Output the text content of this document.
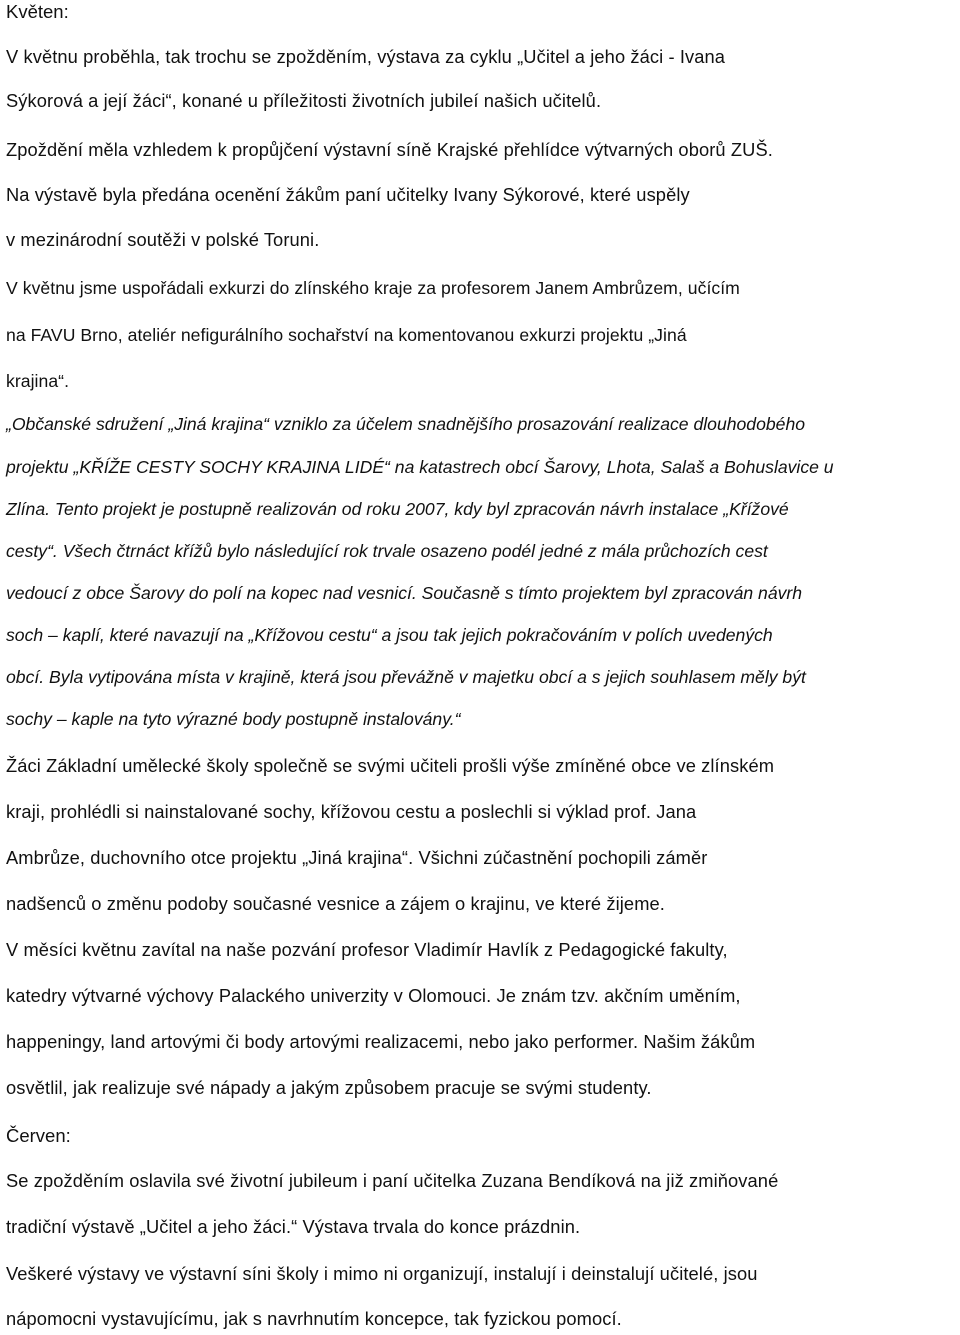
Květen:

V květnu proběhla, tak trochu se zpožděním, výstava za cyklu „Učitel a jeho žáci - Ivana

Sýkorová a její žáci“, konané u příležitosti životních jubileí našich učitelů.

Zpoždění měla vzhledem k propůjčení výstavní síně Krajské přehlídce výtvarných oborů ZUŠ.

Na výstavě byla předána ocenění žákům paní učitelky Ivany Sýkorové, které uspěly

v mezinárodní soutěži v polské Toruni.

V květnu jsme uspořádali exkurzi do zlínského kraje za profesorem Janem Ambrůzem, učícím

na FAVU Brno, ateliér nefigurálního sochařství na komentovanou exkurzi projektu „Jiná

krajina“.

„Občanské sdružení „Jiná krajina“ vzniklo za účelem snadnějšího prosazování realizace dlouhodobého

projektu „KŘÍŽE CESTY SOCHY KRAJINA LIDÉ“ na katastrech obcí Šarovy, Lhota, Salaš a Bohuslavice u

Zlína. Tento projekt je postupně realizován od roku 2007, kdy byl zpracován návrh instalace „Křížové

cesty“. Všech čtrnáct křížů bylo následující rok trvale osazeno podél jedné z mála průchozích cest

vedoucí z obce Šarovy do polí na kopec nad vesnicí. Současně s tímto projektem byl zpracován návrh

soch – kaplí, které navazují na „Křížovou cestu“ a jsou tak jejich pokračováním v polích uvedených

obcí. Byla vytipována místa v krajině, která jsou převážně v majetku obcí a s jejich souhlasem měly být

sochy – kaple na tyto výrazné body postupně instalovány.“

Žáci Základní umělecké školy společně se svými učiteli prošli výše zmíněné obce ve zlínském

kraji, prohlédli si nainstalované sochy, křížovou cestu a poslechli si výklad prof. Jana

Ambrůze, duchovního otce projektu „Jiná krajina“. Všichni zúčastnění pochopili záměr

nadšenců o změnu podoby současné vesnice a zájem o krajinu, ve které žijeme.

V měsíci květnu zavítal na naše pozvání profesor Vladimír Havlík z Pedagogické fakulty,

katedry výtvarné výchovy Palackého univerzity v Olomouci. Je znám tzv. akčním uměním,

happeningy, land artovými či body artovými realizacemi, nebo jako performer. Našim žákům

osvětlil, jak realizuje své nápady a jakým způsobem pracuje se svými studenty.

Červen:

Se zpožděním oslavila své životní jubileum i paní učitelka Zuzana Bendíková na již zmiňované

tradiční výstavě „Učitel a jeho žáci.“ Výstava trvala do konce prázdnin.

Veškeré výstavy ve výstavní síni školy i mimo ni organizují, instalují i deinstalují učitelé, jsou

nápomocni vystavujícímu, jak s navrhnutím koncepce, tak fyzickou pomocí.
